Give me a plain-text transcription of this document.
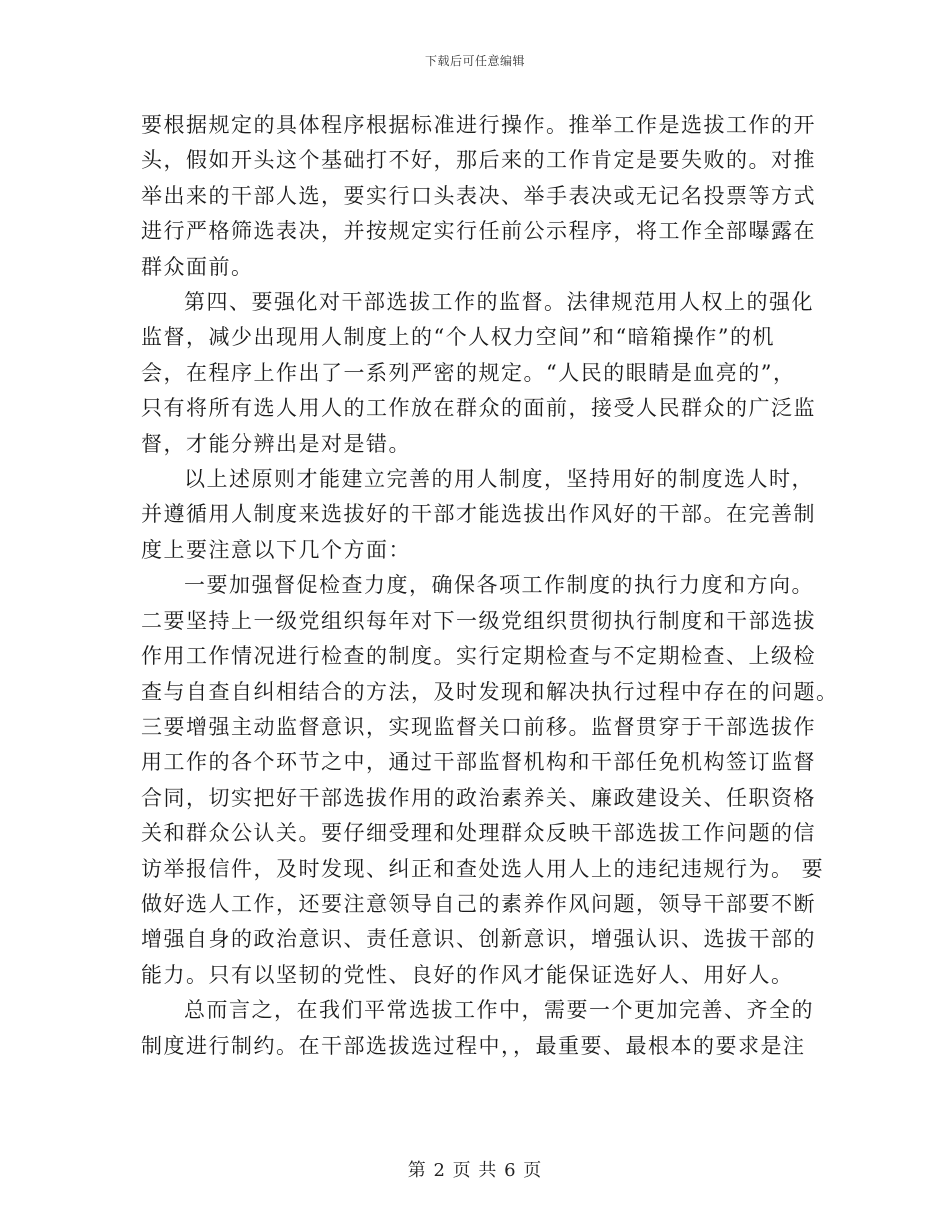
下载后可任意编辑

要根据规定的具体程序根据标准进行操作。推举工作是选拔工作的开
头，假如开头这个基础打不好，那后来的工作肯定是要失败的。对推
举出来的干部人选，要实行口头表决、举手表决或无记名投票等方式
进行严格筛选表决，并按规定实行任前公示程序，将工作全部曝露在
群众面前。

第四、要强化对干部选拔工作的监督。法律规范用人权上的强化
监督，减少出现用人制度上的“个人权力空间”和“暗箱操作”的机
会，在程序上作出了一系列严密的规定。“人民的眼睛是血亮的”，
只有将所有选人用人的工作放在群众的面前，接受人民群众的广泛监
督，才能分辨出是对是错。

以上述原则才能建立完善的用人制度，坚持用好的制度选人时，
并遵循用人制度来选拔好的干部才能选拔出作风好的干部。在完善制
度上要注意以下几个方面：

一要加强督促检查力度，确保各项工作制度的执行力度和方向。
二要坚持上一级党组织每年对下一级党组织贯彻执行制度和干部选拔
作用工作情况进行检查的制度。实行定期检查与不定期检查、上级检
查与自查自纠相结合的方法，及时发现和解决执行过程中存在的问题。
三要增强主动监督意识，实现监督关口前移。监督贯穿于干部选拔作
用工作的各个环节之中，通过干部监督机构和干部任免机构签订监督
合同，切实把好干部选拔作用的政治素养关、廉政建设关、任职资格
关和群众公认关。要仔细受理和处理群众反映干部选拔工作问题的信
访举报信件，及时发现、纠正和查处选人用人上的违纪违规行为。 要
做好选人工作，还要注意领导自己的素养作风问题，领导干部要不断
增强自身的政治意识、责任意识、创新意识，增强认识、选拔干部的
能力。只有以坚韧的党性、良好的作风才能保证选好人、用好人。

总而言之，在我们平常选拔工作中，需要一个更加完善、齐全的
制度进行制约。在干部选拔选过程中，，最重要、最根本的要求是注

第 2 页 共 6 页
